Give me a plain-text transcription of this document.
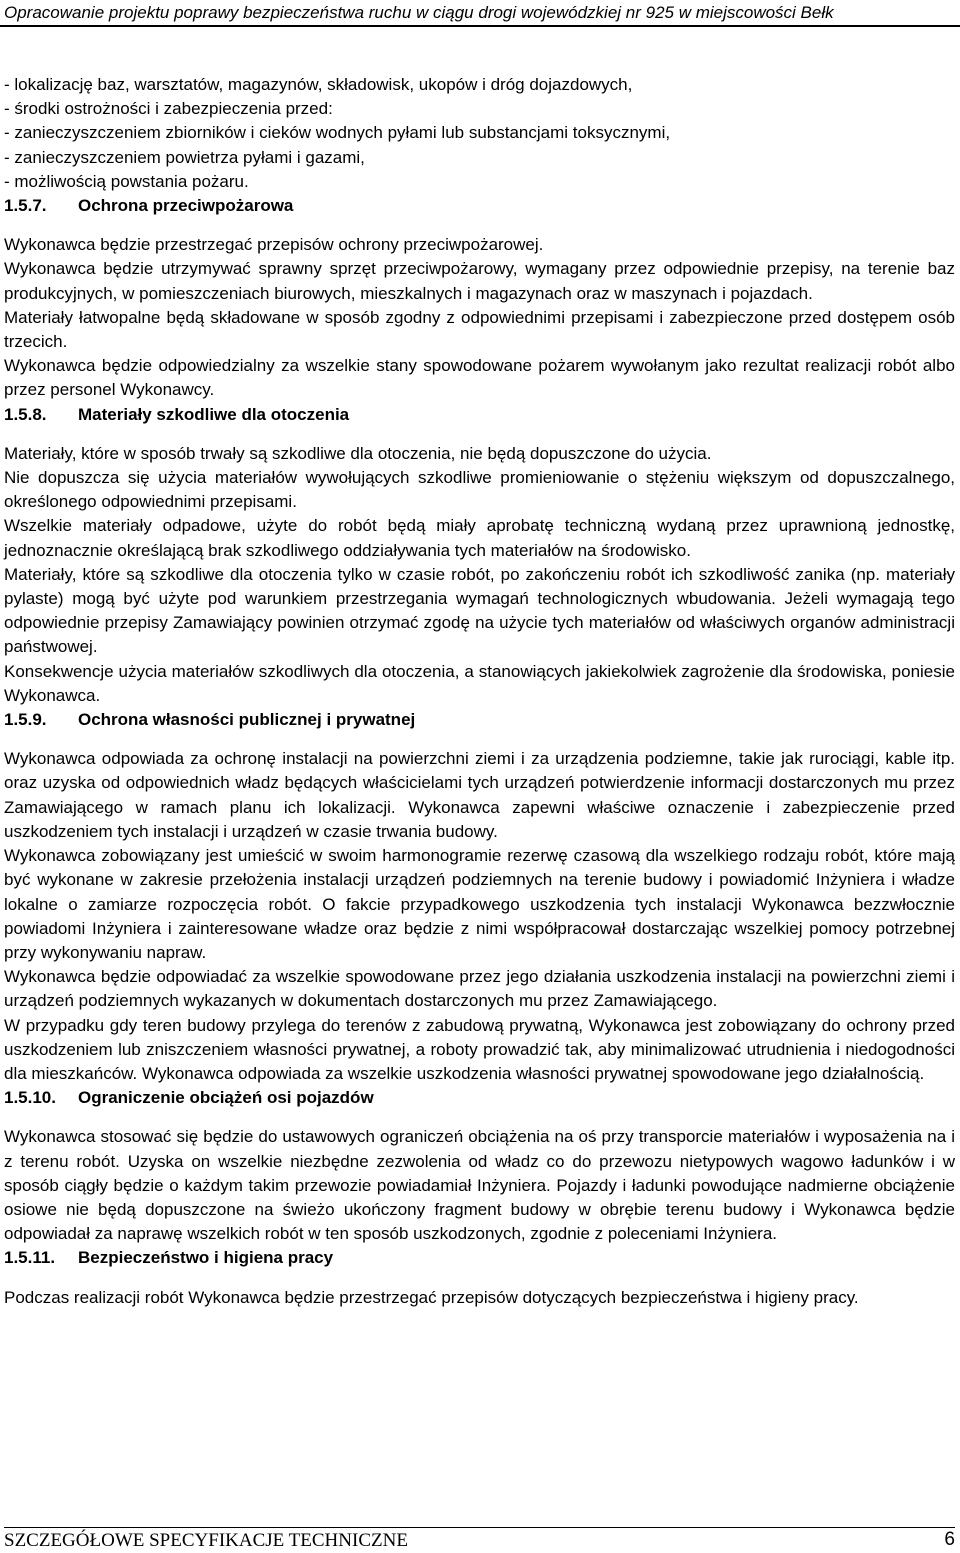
Opracowanie projektu poprawy bezpieczeństwa ruchu w ciągu drogi wojewódzkiej nr 925 w miejscowości Bełk

- lokalizację baz, warsztatów, magazynów, składowisk, ukopów i dróg dojazdowych,

- środki ostrożności i zabezpieczenia przed:

- zanieczyszczeniem zbiorników i cieków wodnych pyłami lub substancjami toksycznymi,

- zanieczyszczeniem powietrza pyłami i gazami,

- możliwością powstania pożaru.

1.5.7.	Ochrona przeciwpożarowa

Wykonawca będzie przestrzegać przepisów ochrony przeciwpożarowej.

Wykonawca będzie utrzymywać sprawny sprzęt przeciwpożarowy, wymagany przez odpowiednie przepisy, na terenie baz produkcyjnych, w pomieszczeniach biurowych, mieszkalnych i magazynach oraz w maszynach i pojazdach.

Materiały łatwopalne będą składowane w sposób zgodny z odpowiednimi przepisami i zabezpieczone przed dostępem osób trzecich.

Wykonawca będzie odpowiedzialny za wszelkie stany spowodowane pożarem wywołanym jako rezultat realizacji robót albo przez personel Wykonawcy.

1.5.8.	Materiały szkodliwe dla otoczenia

Materiały, które w sposób trwały są szkodliwe dla otoczenia, nie będą dopuszczone do użycia.

Nie dopuszcza się użycia materiałów wywołujących szkodliwe promieniowanie o stężeniu większym od dopuszczalnego, określonego odpowiednimi przepisami.

Wszelkie materiały odpadowe, użyte do robót będą miały aprobatę techniczną wydaną przez uprawnioną jednostkę, jednoznacznie określającą brak szkodliwego oddziaływania tych materiałów na środowisko.

Materiały, które są szkodliwe dla otoczenia tylko w czasie robót, po zakończeniu robót ich szkodliwość zanika (np. materiały pylaste) mogą być użyte pod warunkiem przestrzegania wymagań technologicznych wbudowania. Jeżeli wymagają tego odpowiednie przepisy Zamawiający powinien otrzymać zgodę na użycie tych materiałów od właściwych organów administracji państwowej.

Konsekwencje użycia materiałów szkodliwych dla otoczenia, a stanowiących jakiekolwiek zagrożenie dla środowiska, poniesie Wykonawca.

1.5.9.	Ochrona własności publicznej i prywatnej

Wykonawca odpowiada za ochronę instalacji na powierzchni ziemi i za urządzenia podziemne, takie jak rurociągi, kable itp. oraz uzyska od odpowiednich władz będących właścicielami tych urządzeń potwierdzenie informacji dostarczonych mu przez Zamawiającego w ramach planu ich lokalizacji. Wykonawca zapewni właściwe oznaczenie i zabezpieczenie przed uszkodzeniem tych instalacji i urządzeń w czasie trwania budowy.

Wykonawca zobowiązany jest umieścić w swoim harmonogramie rezerwę czasową dla wszelkiego rodzaju robót, które mają być wykonane w zakresie przełożenia instalacji urządzeń podziemnych na terenie budowy i powiadomić Inżyniera i władze lokalne o zamiarze rozpoczęcia robót. O fakcie przypadkowego uszkodzenia tych instalacji Wykonawca bezzwłocznie powiadomi Inżyniera i zainteresowane władze oraz będzie z nimi współpracował dostarczając wszelkiej pomocy potrzebnej przy wykonywaniu napraw.

Wykonawca będzie odpowiadać za wszelkie spowodowane przez jego działania uszkodzenia instalacji na powierzchni ziemi i urządzeń podziemnych wykazanych w dokumentach dostarczonych mu przez Zamawiającego.

W przypadku gdy teren budowy przylega do terenów z zabudową prywatną, Wykonawca jest zobowiązany do ochrony przed uszkodzeniem lub zniszczeniem własności prywatnej, a roboty prowadzić tak, aby minimalizować utrudnienia i niedogodności dla mieszkańców. Wykonawca odpowiada za wszelkie uszkodzenia własności prywatnej spowodowane jego działalnością.

1.5.10.	Ograniczenie obciążeń osi pojazdów

Wykonawca stosować się będzie do ustawowych ograniczeń obciążenia na oś przy transporcie materiałów i wyposażenia na i z terenu robót. Uzyska on wszelkie niezbędne zezwolenia od władz co do przewozu nietypowych wagowo ładunków i w sposób ciągły będzie o każdym takim przewozie powiadamiał Inżyniera. Pojazdy i ładunki powodujące nadmierne obciążenie osiowe nie będą dopuszczone na świeżo ukończony fragment budowy w obrębie terenu budowy i Wykonawca będzie odpowiadał za naprawę wszelkich robót w ten sposób uszkodzonych, zgodnie z poleceniami Inżyniera.

1.5.11.	Bezpieczeństwo i higiena pracy

Podczas realizacji robót Wykonawca będzie przestrzegać przepisów dotyczących bezpieczeństwa i higieny pracy.

SZCZEGÓŁOWE SPECYFIKACJE TECHNICZNE	6
